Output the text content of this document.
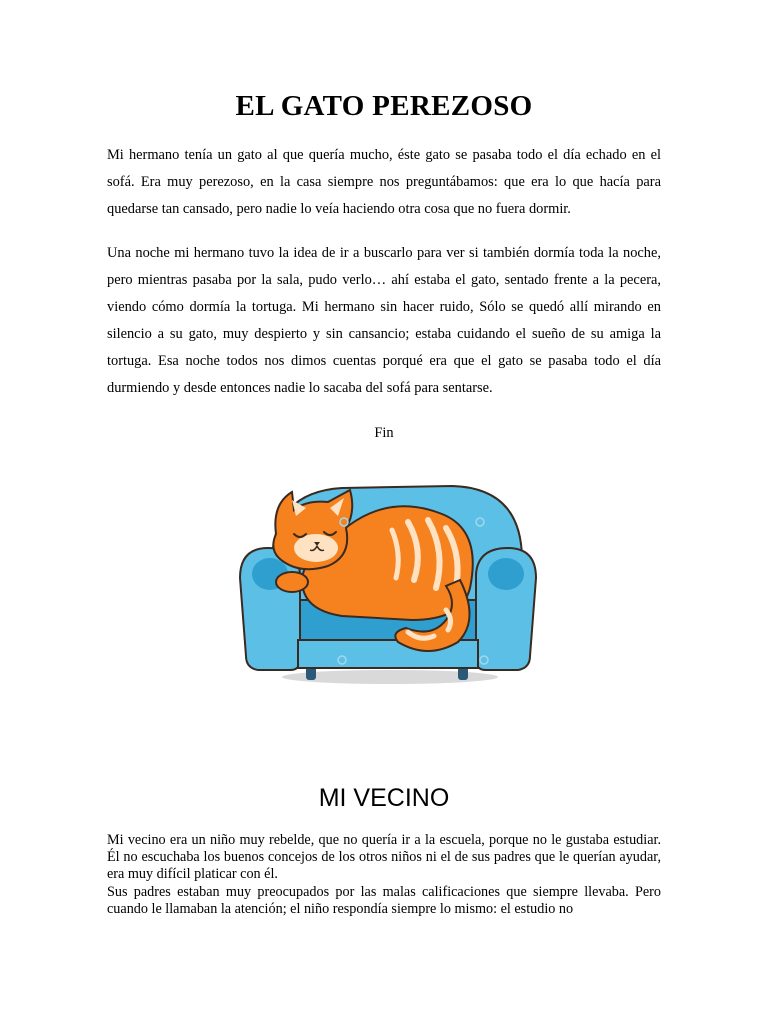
EL GATO PEREZOSO

Mi hermano tenía un gato al que quería mucho, éste gato se pasaba todo el día echado en el sofá. Era muy perezoso, en la casa siempre nos preguntábamos: que era lo que hacía para quedarse tan cansado, pero nadie lo veía haciendo otra cosa que no fuera dormir.

Una noche mi hermano tuvo la idea de ir a buscarlo para ver si también dormía toda la noche, pero mientras pasaba por la sala, pudo verlo… ahí estaba el gato, sentado frente a la pecera, viendo cómo dormía la tortuga. Mi hermano sin hacer ruido, Sólo se quedó allí mirando en silencio a su gato, muy despierto y sin cansancio; estaba cuidando el sueño de su amiga la tortuga. Esa noche todos nos dimos cuentas porqué era que el gato se pasaba todo el día durmiendo y desde entonces nadie lo sacaba del sofá para sentarse.

Fin
MI VECINO

Mi vecino era un niño muy rebelde, que no quería ir a la escuela, porque no le gustaba estudiar. Él no escuchaba los buenos concejos de los otros niños ni el de sus padres que le querían ayudar, era muy difícil platicar con él.

Sus padres estaban muy preocupados por las malas calificaciones que siempre llevaba. Pero cuando le llamaban la atención; el niño respondía siempre lo mismo: el estudio no
